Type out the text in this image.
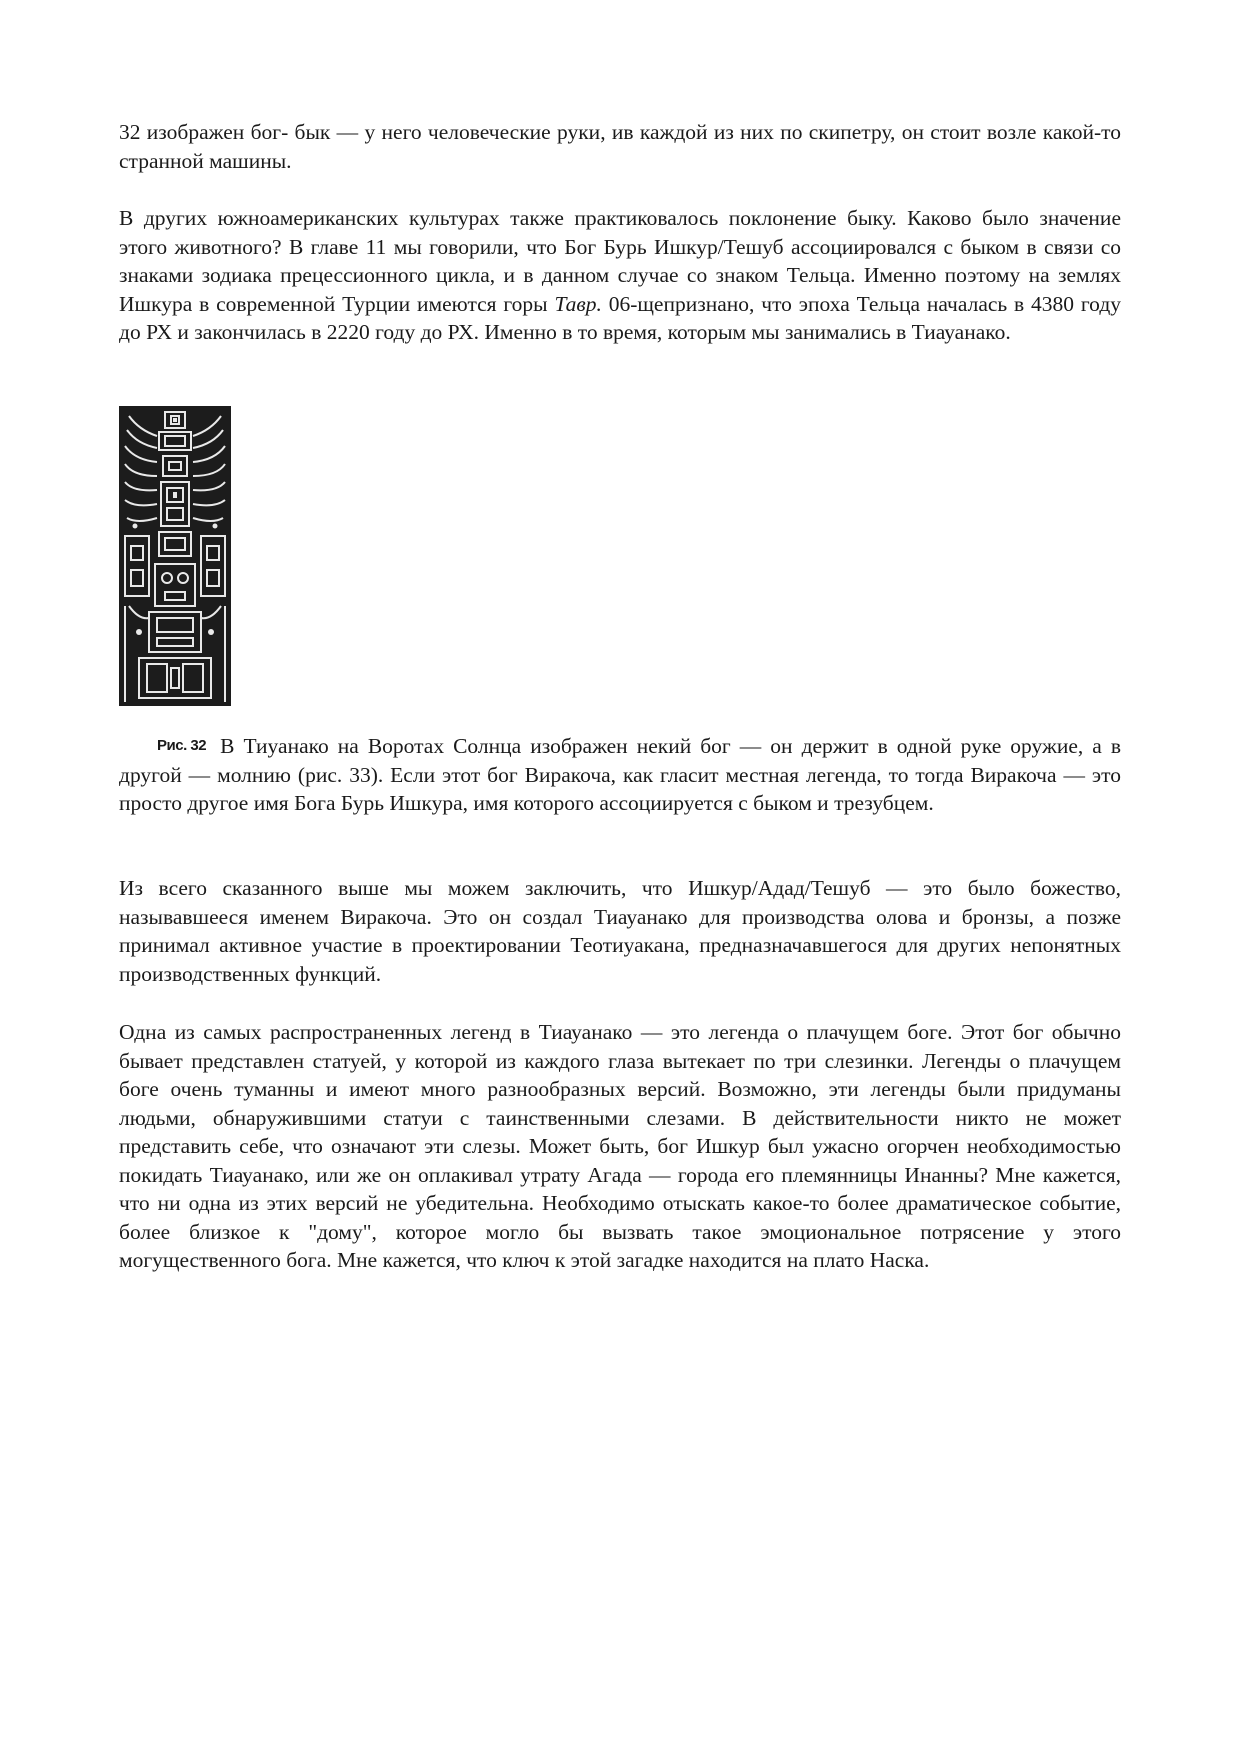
32 изображен бог- бык — у него человеческие руки, ив каждой из них по скипетру, он стоит возле какой-то странной машины.

В других южноамериканских культурах также практиковалось поклонение быку. Каково было значение этого животного? В главе 11 мы говорили, что Бог Бурь Ишкур/Тешуб ассоциировался с быком в связи со знаками зодиака прецессионного цикла, и в данном случае со знаком Тельца. Именно поэтому на землях Ишкура в современной Турции имеются горы Тавр. 06-щепризнано, что эпоха Тельца началась в 4380 году до РХ и закончилась в 2220 году до РХ. Именно в то время, которым мы занимались в Тиауанако.

Рис. 32 В Тиуанако на Воротах Солнца изображен некий бог — он держит в одной руке оружие, а в другой — молнию (рис. 33). Если этот бог Виракоча, как гласит местная легенда, то тогда Виракоча — это просто другое имя Бога Бурь Ишкура, имя которого ассоциируется с быком и трезубцем.

Из всего сказанного выше мы можем заключить, что Ишкур/Адад/Тешуб — это было божество, называвшееся именем Виракоча. Это он создал Тиауанако для производства олова и бронзы, а позже принимал активное участие в проектировании Теотиуакана, предназначавшегося для других непонятных производственных функций.

Одна из самых распространенных легенд в Тиауанако — это легенда о плачущем боге. Этот бог обычно бывает представлен статуей, у которой из каждого глаза вытекает по три слезинки. Легенды о плачущем боге очень туманны и имеют много разнообразных версий. Возможно, эти легенды были придуманы людьми, обнаружившими статуи с таинственными слезами. В действительности никто не может представить себе, что означают эти слезы. Может быть, бог Ишкур был ужасно огорчен необходимостью покидать Тиауанако, или же он оплакивал утрату Агада — города его племянницы Инанны? Мне кажется, что ни одна из этих версий не убедительна. Необходимо отыскать какое-то более драматическое событие, более близкое к "дому", которое могло бы вызвать такое эмоциональное потрясение у этого могущественного бога. Мне кажется, что ключ к этой загадке находится на плато Наска.
